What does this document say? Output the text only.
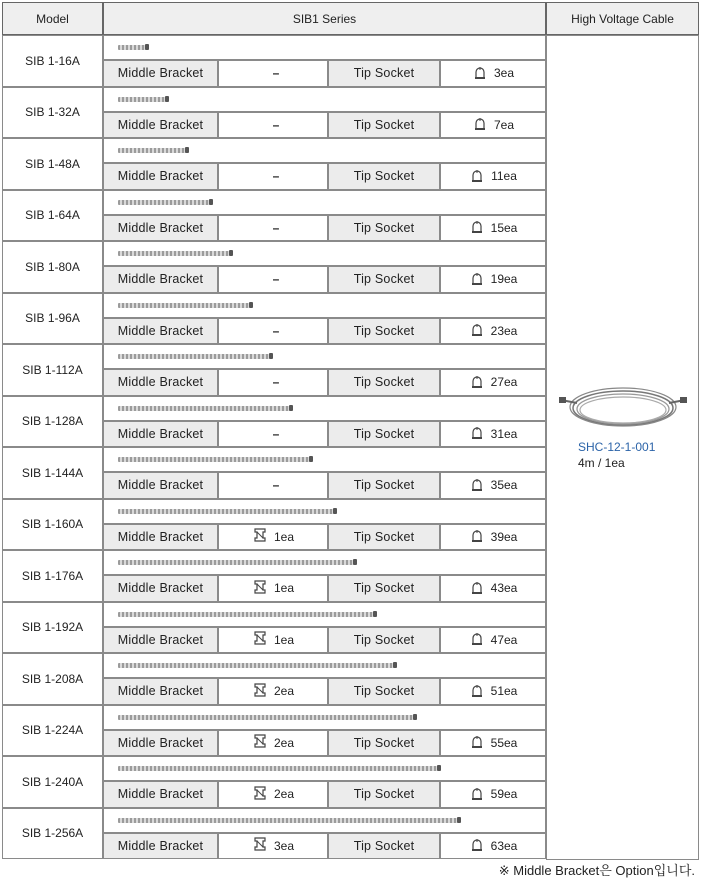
Model	SIB1 Series	High Voltage Cable
SIB 1-16A
Middle Bracket	–	Tip Socket	3ea
SIB 1-32A
Middle Bracket	–	Tip Socket	7ea
SIB 1-48A
Middle Bracket	–	Tip Socket	11ea
SIB 1-64A
Middle Bracket	–	Tip Socket	15ea
SIB 1-80A
Middle Bracket	–	Tip Socket	19ea
SIB 1-96A
Middle Bracket	–	Tip Socket	23ea
SIB 1-112A
Middle Bracket	–	Tip Socket	27ea
SIB 1-128A
Middle Bracket	–	Tip Socket	31ea
SIB 1-144A
Middle Bracket	–	Tip Socket	35ea
SIB 1-160A
Middle Bracket	1ea	Tip Socket	39ea
SIB 1-176A
Middle Bracket	1ea	Tip Socket	43ea
SIB 1-192A
Middle Bracket	1ea	Tip Socket	47ea
SIB 1-208A
Middle Bracket	2ea	Tip Socket	51ea
SIB 1-224A
Middle Bracket	2ea	Tip Socket	55ea
SIB 1-240A
Middle Bracket	2ea	Tip Socket	59ea
SIB 1-256A
Middle Bracket	3ea	Tip Socket	63ea
SHC-12-1-001
4m / 1ea
※ Middle Bracket은 Option입니다.
